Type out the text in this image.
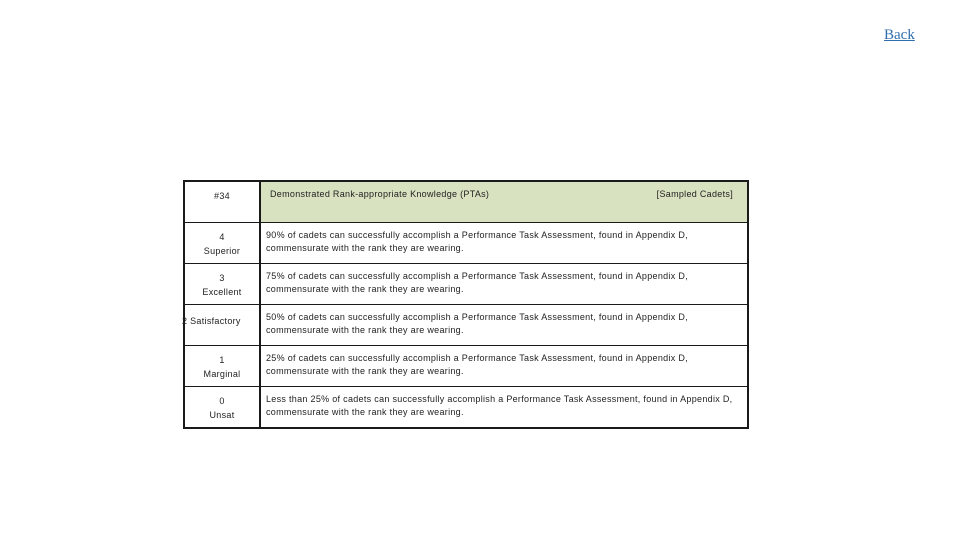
Back
#34	Demonstrated Rank-appropriate Knowledge (PTAs) [Sampled Cadets]

4
Superior	90% of cadets can successfully accomplish a Performance Task Assessment, found in Appendix D, commensurate with the rank they are wearing.

3
Excellent	75% of cadets can successfully accomplish a Performance Task Assessment, found in Appendix D, commensurate with the rank they are wearing.

2 Satisfactory	50% of cadets can successfully accomplish a Performance Task Assessment, found in Appendix D, commensurate with the rank they are wearing.

1
Marginal	25% of cadets can successfully accomplish a Performance Task Assessment, found in Appendix D, commensurate with the rank they are wearing.

0
Unsat	Less than 25% of cadets can successfully accomplish a Performance Task Assessment, found in Appendix D, commensurate with the rank they are wearing.
